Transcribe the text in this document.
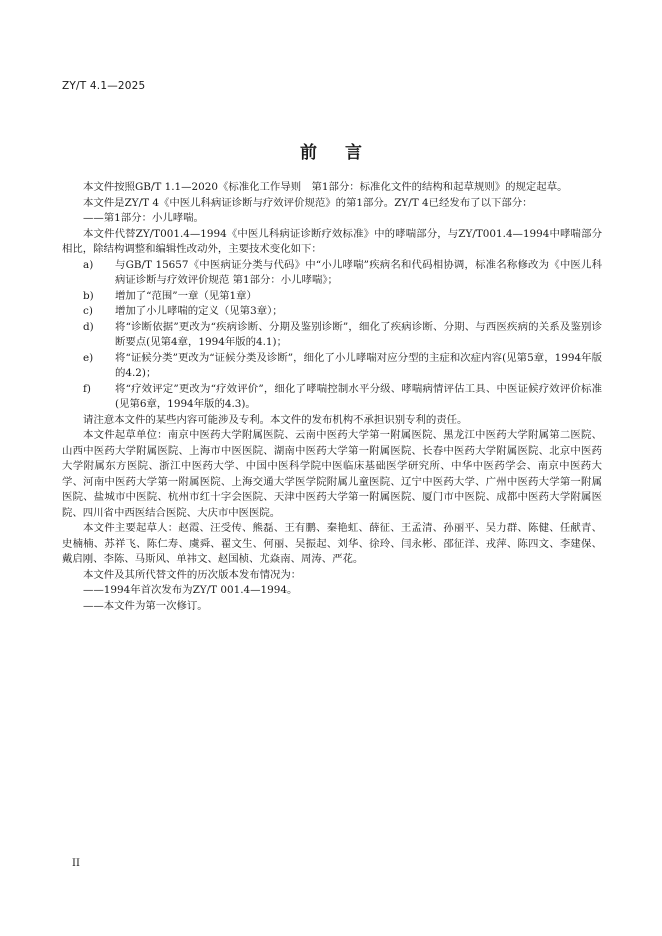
ZY/T 4.1—2025
前言

本文件按照GB/T 1.1—2020《标准化工作导则　第1部分：标准化文件的结构和起草规则》的规定起草。

本文件是ZY/T 4《中医儿科病证诊断与疗效评价规范》的第1部分。ZY/T 4已经发布了以下部分：

——第1部分：小儿哮喘。

本文件代替ZY/T001.4—1994《中医儿科病证诊断疗效标准》中的哮喘部分，与ZY/T001.4—1994中哮喘部分相比，除结构调整和编辑性改动外，主要技术变化如下：

a)	与GB/T 15657《中医病证分类与代码》中“小儿哮喘”疾病名和代码相协调，标准名称修改为《中医儿科病证诊断与疗效评价规范 第1部分：小儿哮喘》；
b)	增加了“范围”一章（见第1章）
c)	增加了小儿哮喘的定义（见第3章）；
d)	将“诊断依据”更改为“疾病诊断、分期及鉴别诊断”，细化了疾病诊断、分期、与西医疾病的关系及鉴别诊断要点(见第4章，1994年版的4.1)；
e)	将“证候分类”更改为“证候分类及诊断”，细化了小儿哮喘对应分型的主症和次症内容(见第5章，1994年版的4.2)；
f)	将“疗效评定”更改为“疗效评价”，细化了哮喘控制水平分级、哮喘病情评估工具、中医证候疗效评价标准(见第6章，1994年版的4.3)。

请注意本文件的某些内容可能涉及专利。本文件的发布机构不承担识别专利的责任。

本文件起草单位：南京中医药大学附属医院、云南中医药大学第一附属医院、黑龙江中医药大学附属第二医院、山西中医药大学附属医院、上海市中医医院、湖南中医药大学第一附属医院、长春中医药大学附属医院、北京中医药大学附属东方医院、浙江中医药大学、中国中医科学院中医临床基础医学研究所、中华中医药学会、南京中医药大学、河南中医药大学第一附属医院、上海交通大学医学院附属儿童医院、辽宁中医药大学、广州中医药大学第一附属医院、盐城市中医院、杭州市红十字会医院、天津中医药大学第一附属医院、厦门市中医院、成都中医药大学附属医院、四川省中西医结合医院、大庆市中医医院。

本文件主要起草人：赵霞、汪受传、熊磊、王有鹏、秦艳虹、薛征、王孟清、孙丽平、吴力群、陈健、任献青、史楠楠、苏祥飞、陈仁寿、虞舜、翟文生、何丽、吴振起、刘华、徐玲、闫永彬、邵征洋、戎萍、陈四文、李建保、戴启刚、李陈、马斯风、单祎文、赵国桢、尤焱南、周涛、严花。

本文件及其所代替文件的历次版本发布情况为：

——1994年首次发布为ZY/T 001.4—1994。

——本文件为第一次修订。

II
